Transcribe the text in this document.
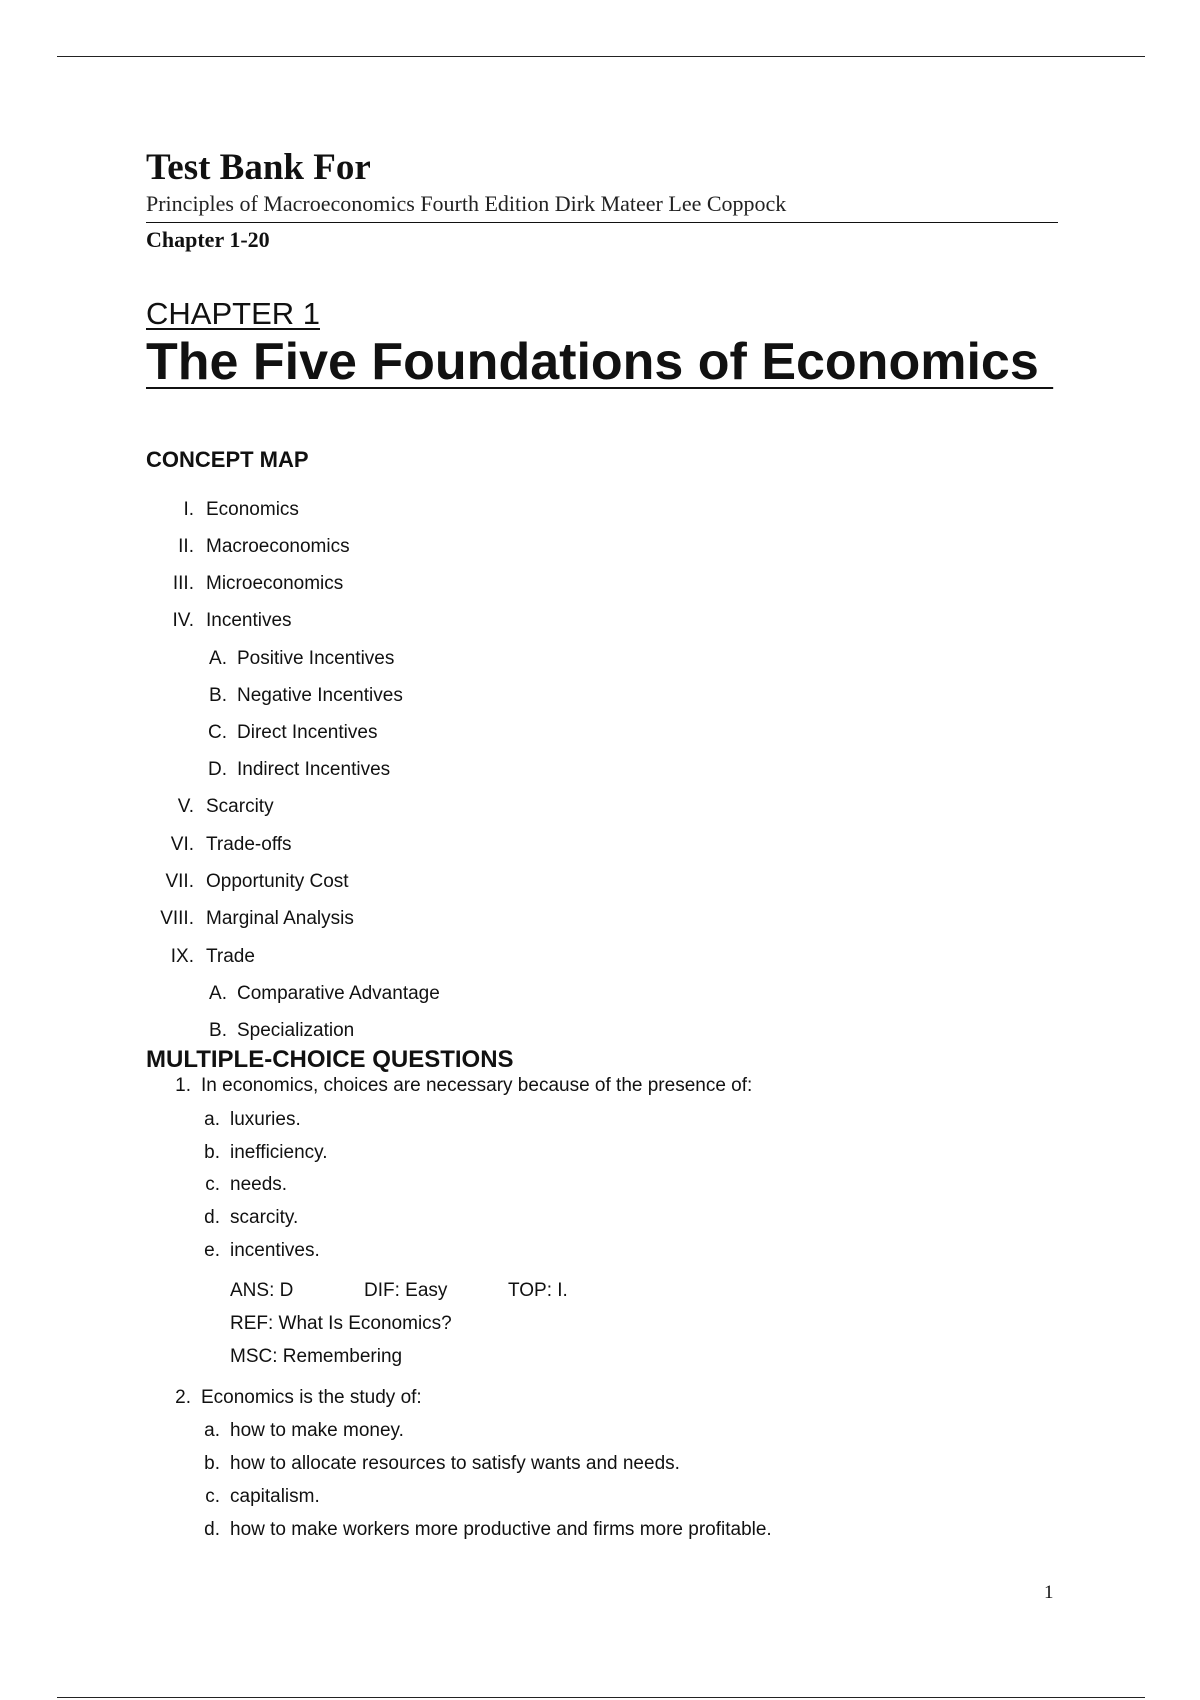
Test Bank For

Principles of Macroeconomics Fourth Edition Dirk Mateer Lee Coppock

Chapter 1-20

CHAPTER 1

The Five Foundations of Economics
CONCEPT MAP
I. Economics
II. Macroeconomics
III. Microeconomics
IV. Incentives
A. Positive Incentives
B. Negative Incentives
C. Direct Incentives
D. Indirect Incentives
V. Scarcity
VI. Trade-offs
VII. Opportunity Cost
VIII. Marginal Analysis
IX. Trade
A. Comparative Advantage
B. Specialization
MULTIPLE-CHOICE QUESTIONS
1. In economics, choices are necessary because of the presence of:
a. luxuries.
b. inefficiency.
c. needs.
d. scarcity.
e. incentives.
ANS: D	DIF: Easy	TOP: I.
REF: What Is Economics?
MSC: Remembering
2. Economics is the study of:
a. how to make money.
b. how to allocate resources to satisfy wants and needs.
c. capitalism.
d. how to make workers more productive and firms more profitable.
1
